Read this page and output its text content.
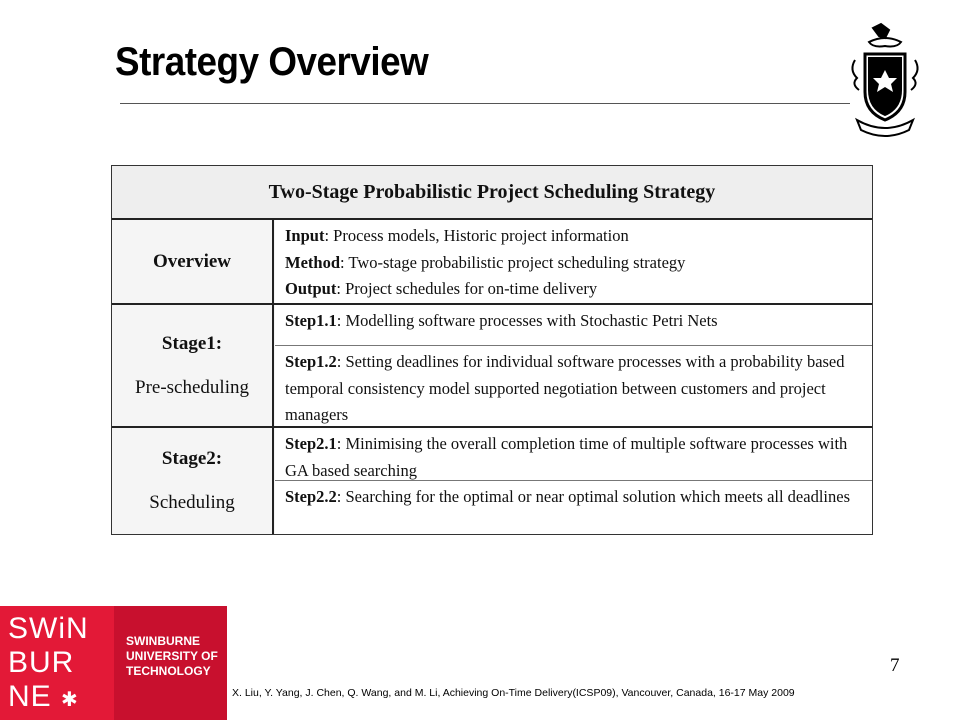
Strategy Overview
Two-Stage Probabilistic Project Scheduling Strategy
Overview
Input: Process models, Historic project information
Method: Two-stage probabilistic project scheduling strategy
Output: Project schedules for on-time delivery
Stage1:
Pre-scheduling
Step1.1: Modelling software processes with Stochastic Petri Nets
Step1.2: Setting deadlines for individual software processes with a probability based temporal consistency model supported negotiation between customers and project managers
Stage2:
Scheduling
Step2.1: Minimising the overall completion time of multiple software processes with GA based searching
Step2.2: Searching for the optimal or near optimal solution which meets all deadlines
SWiN
BUR
NE ✱
SWINBURNE
UNIVERSITY OF
TECHNOLOGY	7
X. Liu, Y. Yang, J. Chen, Q. Wang, and M. Li, Achieving On-Time Delivery(ICSP09), Vancouver, Canada, 16-17 May 2009
